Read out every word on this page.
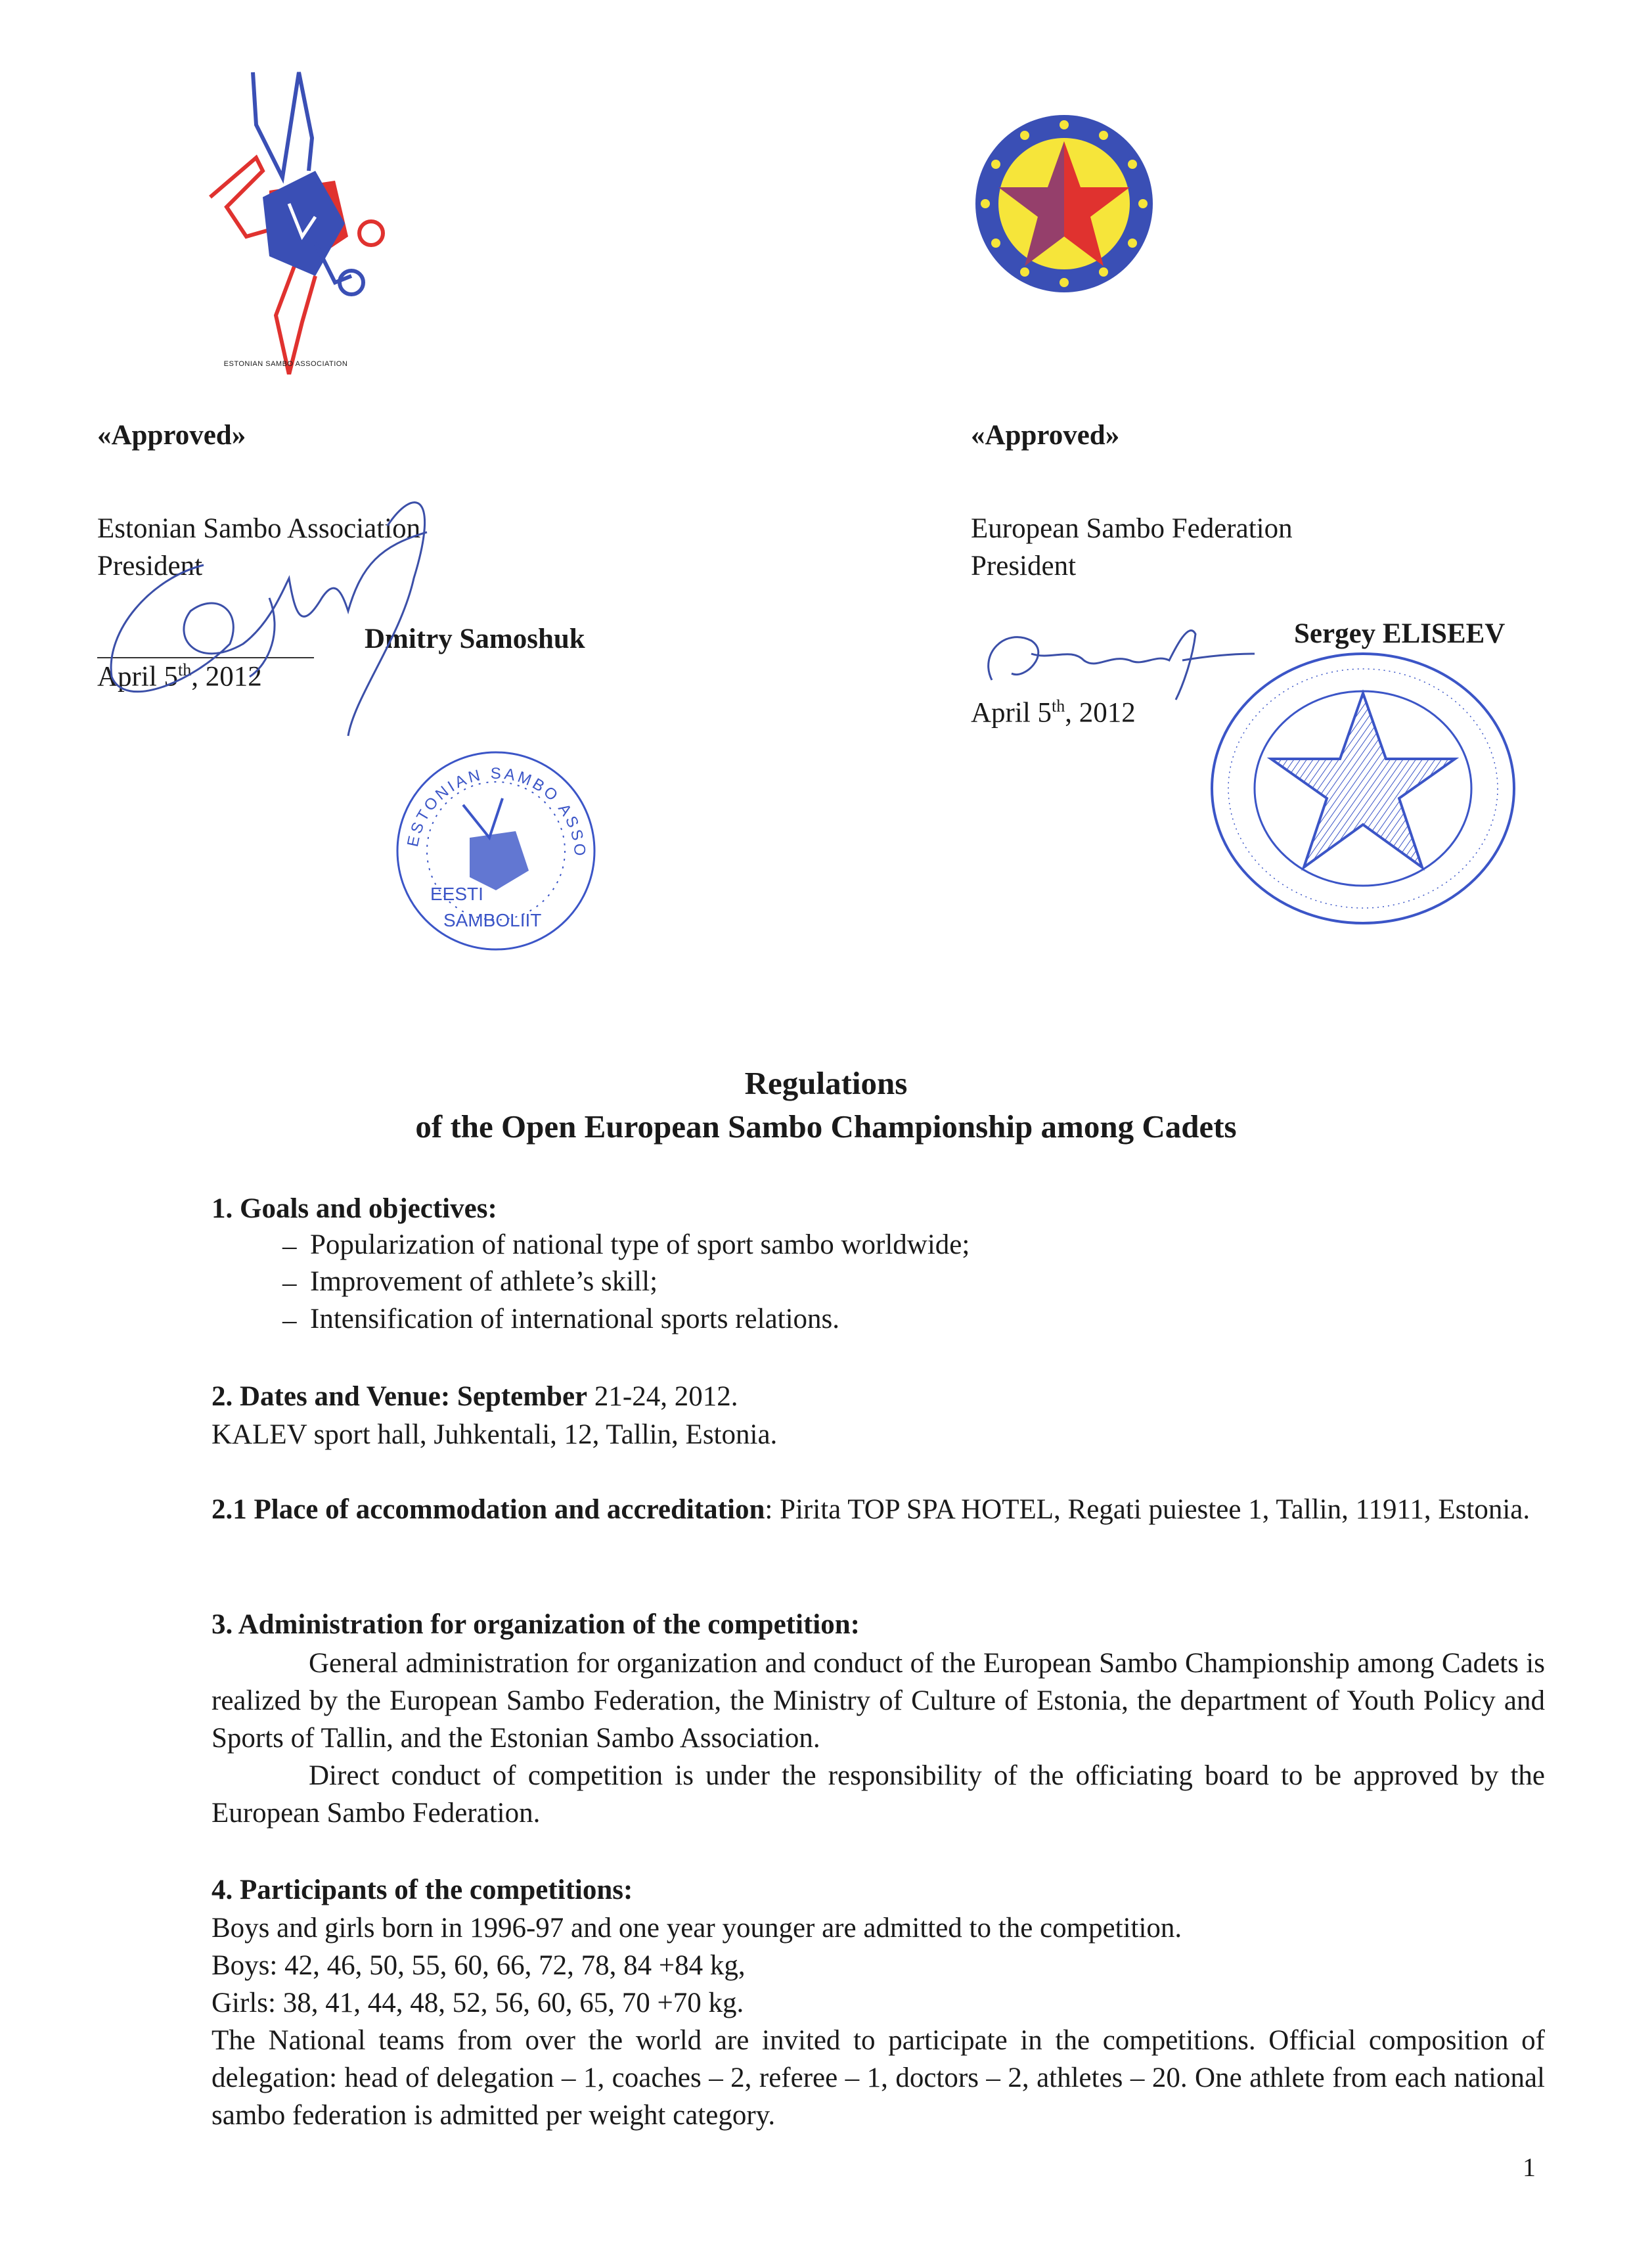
ESTONIAN SAMBO ASSOCIATION
«Approved»
Estonian Sambo Association
President
Dmitry Samoshuk
April 5th, 2012
ESTONIAN SAMBO ASSO
EESTI
SAMBOLIIT
«Approved»
European Sambo Federation
President
Sergey ELISEEV
April 5th, 2012
Regulations
of the Open European Sambo Championship among Cadets
1. Goals and objectives:
– Popularization of national type of sport sambo worldwide;
– Improvement of athlete’s skill;
– Intensification of international sports relations.
2. Dates and Venue: September 21-24, 2012.
KALEV sport hall, Juhkentali, 12, Tallin, Estonia.
2.1 Place of accommodation and accreditation: Pirita TOP SPA HOTEL, Regati puiestee 1, Tallin, 11911, Estonia.
3. Administration for organization of the competition:
General administration for organization and conduct of the European Sambo Championship among Cadets is realized by the European Sambo Federation, the Ministry of Culture of Estonia, the department of Youth Policy and Sports of Tallin, and the Estonian Sambo Association.
Direct conduct of competition is under the responsibility of the officiating board to be approved by the European Sambo Federation.
4. Participants of the competitions:
Boys and girls born in 1996-97 and one year younger are admitted to the competition.
Boys: 42, 46, 50, 55, 60, 66, 72, 78, 84 +84 kg,
Girls: 38, 41, 44, 48, 52, 56, 60, 65, 70 +70 kg.
The National teams from over the world are invited to participate in the competitions. Official composition of delegation: head of delegation – 1, coaches – 2, referee – 1, doctors – 2, athletes – 20. One athlete from each national sambo federation is admitted per weight category.
1
